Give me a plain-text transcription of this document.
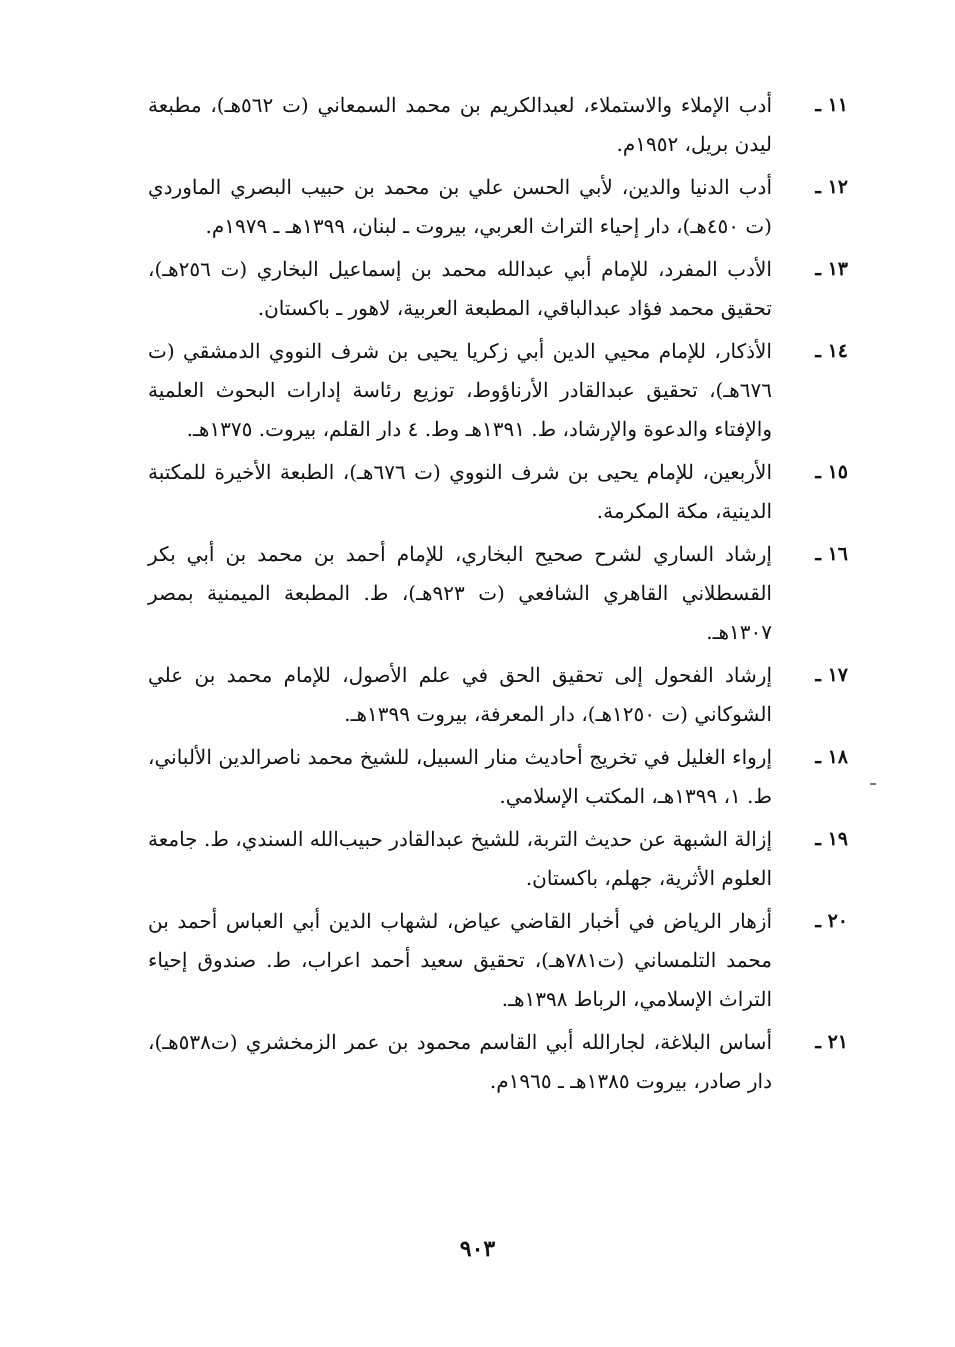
١١ ـ
أدب الإملاء والاستملاء، لعبدالكريم بن محمد السمعاني (ت ٥٦٢هـ)، مطبعة ليدن بريل، ١٩٥٢م.
١٢ ـ
أدب الدنيا والدين، لأبي الحسن علي بن محمد بن حبيب البصري الماوردي (ت ٤٥٠هـ)، دار إحياء التراث العربي، بيروت ـ لبنان، ١٣٩٩هـ ـ ١٩٧٩م.
١٣ ـ
الأدب المفرد، للإمام أبي عبدالله محمد بن إسماعيل البخاري (ت ٢٥٦هـ)، تحقيق محمد فؤاد عبدالباقي، المطبعة العربية، لاهور ـ باكستان.
١٤ ـ
الأذكار، للإمام محيي الدين أبي زكريا يحيى بن شرف النووي الدمشقي (ت ٦٧٦هـ)، تحقيق عبدالقادر الأرناؤوط، توزيع رئاسة إدارات البحوث العلمية والإفتاء والدعوة والإرشاد، ط. ١٣٩١هـ وط. ٤ دار القلم، بيروت. ١٣٧٥هـ.
١٥ ـ
الأربعين، للإمام يحيى بن شرف النووي (ت ٦٧٦هـ)، الطبعة الأخيرة للمكتبة الدينية، مكة المكرمة.
١٦ ـ
إرشاد الساري لشرح صحيح البخاري، للإمام أحمد بن محمد بن أبي بكر القسطلاني القاهري الشافعي (ت ٩٢٣هـ)، ط. المطبعة الميمنية بمصر ١٣٠٧هـ.
١٧ ـ
إرشاد الفحول إلى تحقيق الحق في علم الأصول، للإمام محمد بن علي الشوكاني (ت ١٢٥٠هـ)، دار المعرفة، بيروت ١٣٩٩هـ.
١٨ ـ
إرواء الغليل في تخريج أحاديث منار السبيل، للشيخ محمد ناصرالدين الألباني، ط. ١، ١٣٩٩هـ، المكتب الإسلامي.
١٩ ـ
إزالة الشبهة عن حديث التربة، للشيخ عبدالقادر حبيب‌الله السندي، ط. جامعة العلوم الأثرية، جهلم، باكستان.
٢٠ ـ
أزهار الرياض في أخبار القاضي عياض، لشهاب الدين أبي العباس أحمد بن محمد التلمساني (ت٧٨١هـ)، تحقيق سعيد أحمد اعراب، ط. صندوق إحياء التراث الإسلامي، الرباط ١٣٩٨هـ.
٢١ ـ
أساس البلاغة، لجارالله أبي القاسم محمود بن عمر الزمخشري (ت٥٣٨هـ)، دار صادر، بيروت ١٣٨٥هـ ـ ١٩٦٥م.
٩٠٣
